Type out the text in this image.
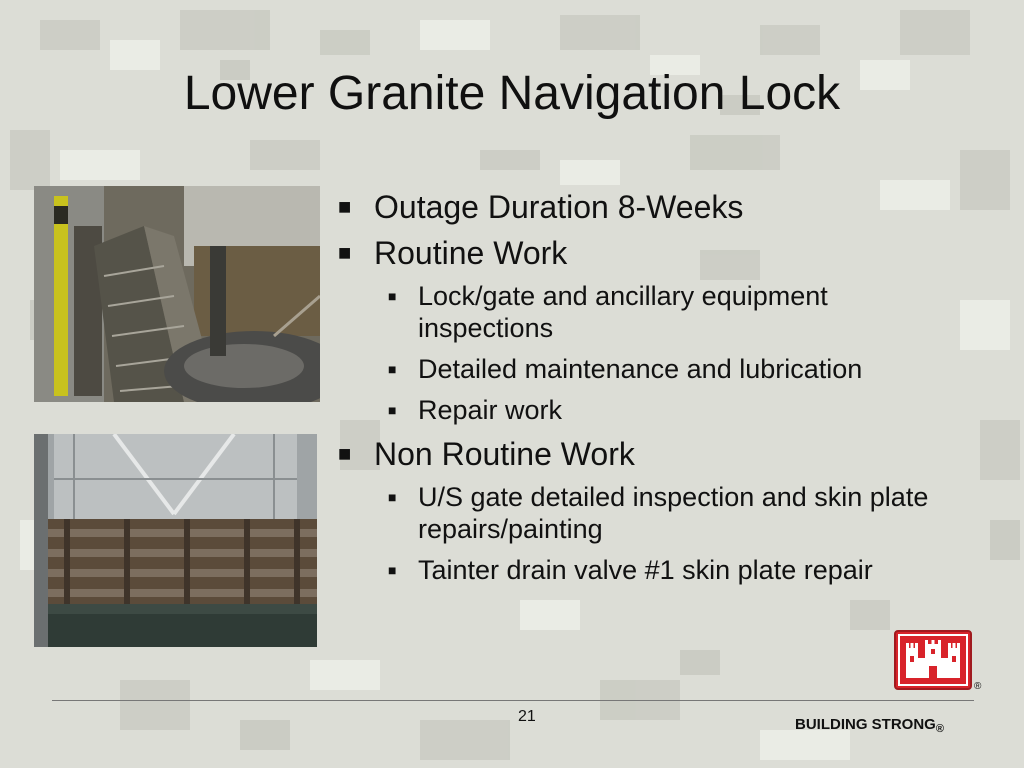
Lower Granite Navigation Lock
■ Outage Duration 8-Weeks
■ Routine Work
■ Lock/gate and ancillary equipment inspections
■ Detailed maintenance and lubrication
■ Repair work
■ Non Routine Work
■ U/S gate detailed inspection and skin plate repairs/painting
■ Tainter drain valve #1 skin plate repair
®
21	BUILDING $STRONG_®$
